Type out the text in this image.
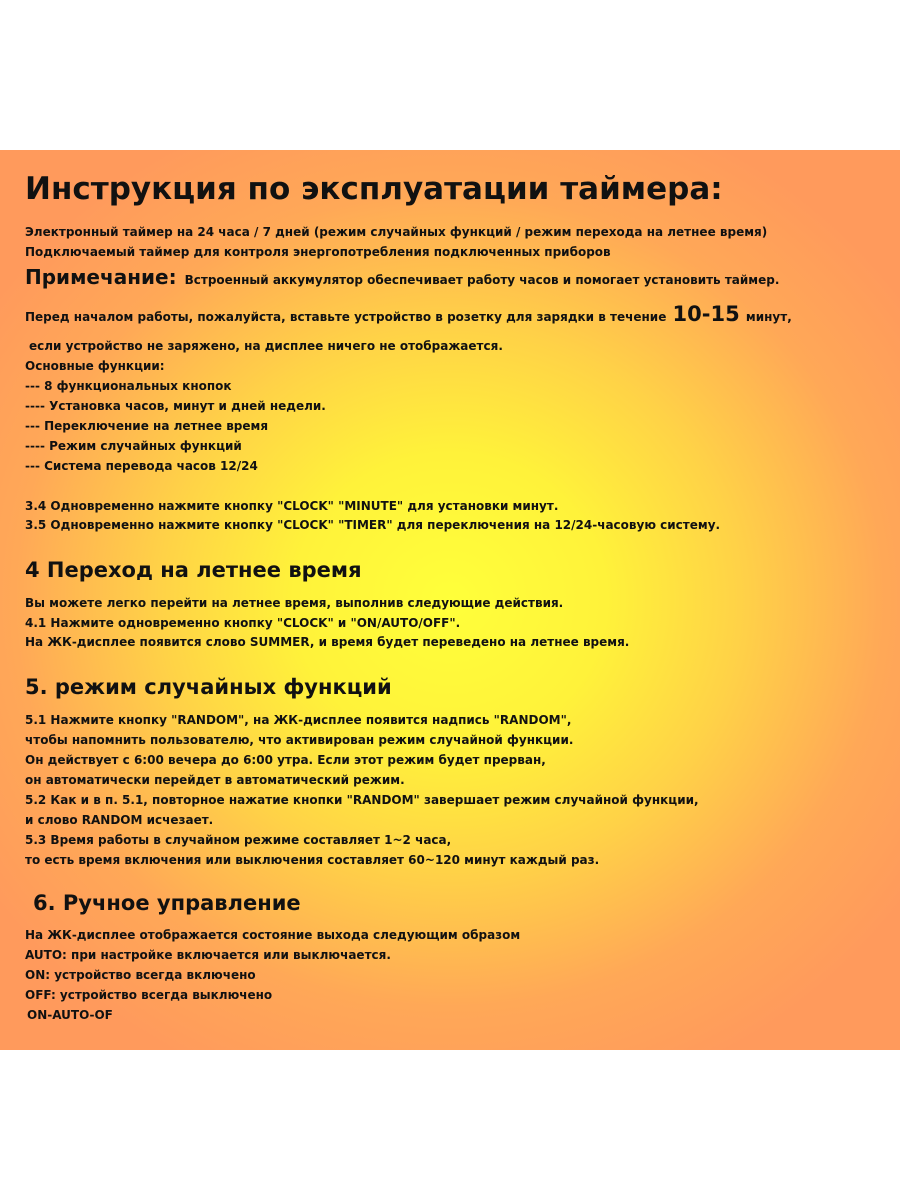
Инструкция по эксплуатации таймера:

Электронный таймер на 24 часа / 7 дней (режим случайных функций / режим перехода на летнее время)

Подключаемый таймер для контроля энергопотребления подключенных приборов

Примечание: Встроенный аккумулятор обеспечивает работу часов и помогает установить таймер.

Перед началом работы, пожалуйста, вставьте устройство в розетку для зарядки в течение 10-15 минут,

если устройство не заряжено, на дисплее ничего не отображается.

Основные функции:

--- 8 функциональных кнопок

---- Установка часов, минут и дней недели.

--- Переключение на летнее время

---- Режим случайных функций

--- Система перевода часов 12/24

3.4 Одновременно нажмите кнопку "CLOCK" "MINUTE" для установки минут.

3.5 Одновременно нажмите кнопку "CLOCK" "TIMER" для переключения на 12/24-часовую систему.

4 Переход на летнее время

Вы можете легко перейти на летнее время, выполнив следующие действия.

4.1 Нажмите одновременно кнопку "CLOCK" и "ON/AUTO/OFF".

На ЖК-дисплее появится слово SUMMER, и время будет переведено на летнее время.

5. режим случайных функций

5.1 Нажмите кнопку "RANDOM", на ЖК-дисплее появится надпись "RANDOM",

чтобы напомнить пользователю, что активирован режим случайной функции.

Он действует с 6:00 вечера до 6:00 утра. Если этот режим будет прерван,

он автоматически перейдет в автоматический режим.

5.2 Как и в п. 5.1, повторное нажатие кнопки "RANDOM" завершает режим случайной функции,

и слово RANDOM исчезает.

5.3 Время работы в случайном режиме составляет 1~2 часа,

то есть время включения или выключения составляет 60~120 минут каждый раз.

6. Ручное управление

На ЖК-дисплее отображается состояние выхода следующим образом

AUTO: при настройке включается или выключается.

ON: устройство всегда включено

OFF: устройство всегда выключено

ON-AUTO-OF
